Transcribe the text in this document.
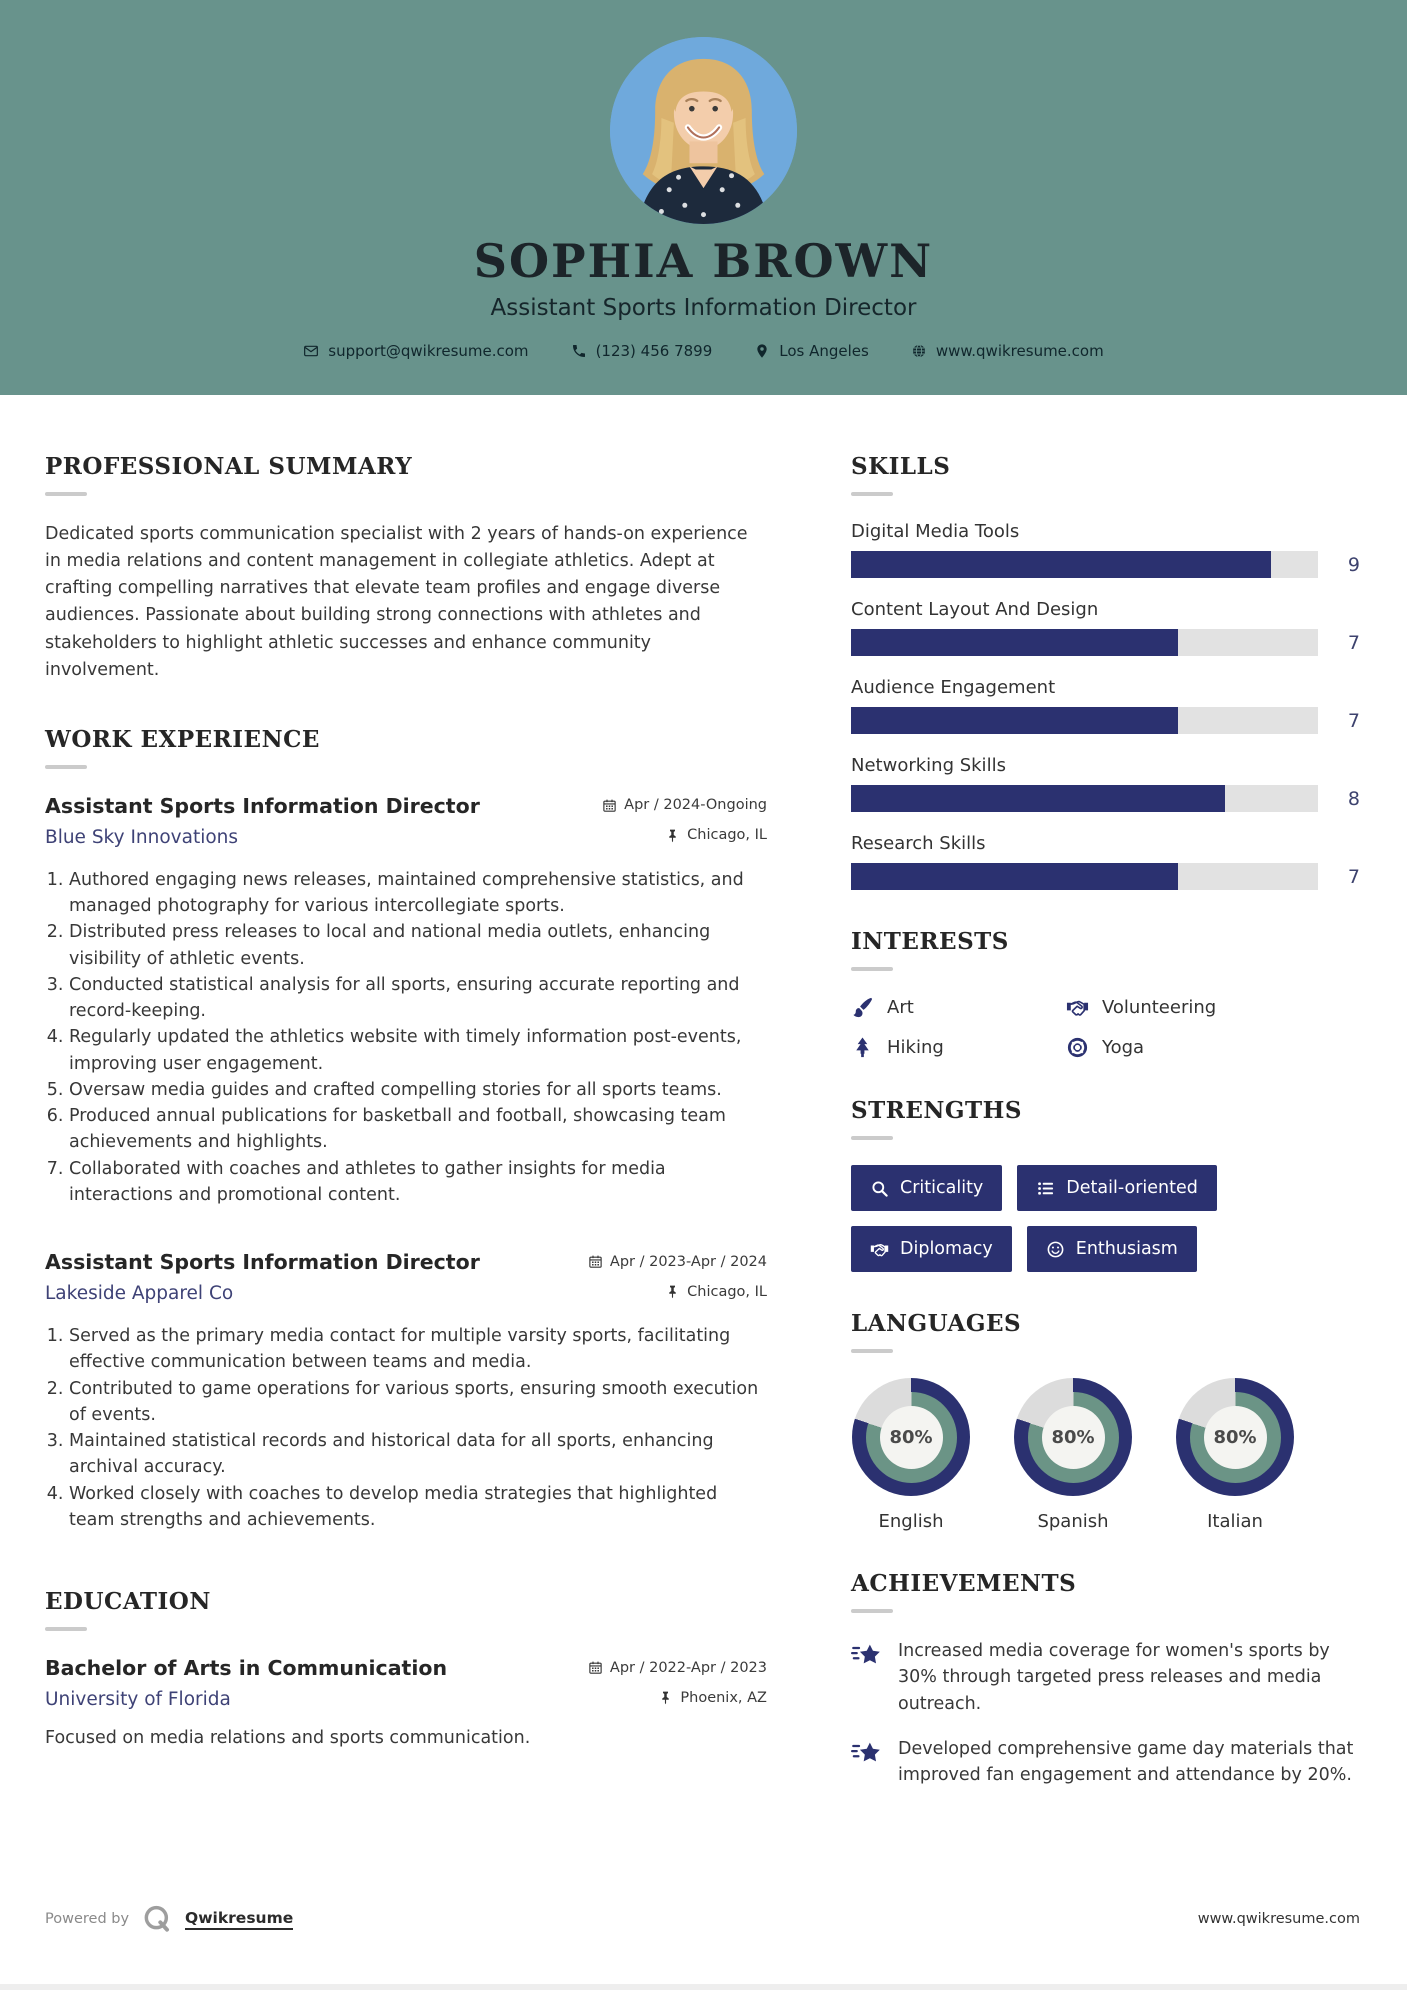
SOPHIA BROWN
Assistant Sports Information Director
support@qwikresume.com	(123) 456 7899	Los Angeles	www.qwikresume.com
PROFESSIONAL SUMMARY

Dedicated sports communication specialist with 2 years of hands-on experience in media relations and content management in collegiate athletics. Adept at crafting compelling narratives that elevate team profiles and engage diverse audiences. Passionate about building strong connections with athletes and stakeholders to highlight athletic successes and enhance community involvement.

WORK EXPERIENCE
Assistant Sports Information Director	Apr / 2024-Ongoing
Blue Sky Innovations	Chicago, IL
1. Authored engaging news releases, maintained comprehensive statistics, and managed photography for various intercollegiate sports.
2. Distributed press releases to local and national media outlets, enhancing visibility of athletic events.
3. Conducted statistical analysis for all sports, ensuring accurate reporting and record-keeping.
4. Regularly updated the athletics website with timely information post-events, improving user engagement.
5. Oversaw media guides and crafted compelling stories for all sports teams.
6. Produced annual publications for basketball and football, showcasing team achievements and highlights.
7. Collaborated with coaches and athletes to gather insights for media interactions and promotional content.
Assistant Sports Information Director	Apr / 2023-Apr / 2024
Lakeside Apparel Co	Chicago, IL
1. Served as the primary media contact for multiple varsity sports, facilitating effective communication between teams and media.
2. Contributed to game operations for various sports, ensuring smooth execution of events.
3. Maintained statistical records and historical data for all sports, enhancing archival accuracy.
4. Worked closely with coaches to develop media strategies that highlighted team strengths and achievements.
EDUCATION
Bachelor of Arts in Communication	Apr / 2022-Apr / 2023
University of Florida	Phoenix, AZ

Focused on media relations and sports communication.

SKILLS
Digital Media Tools
9
Content Layout And Design
7
Audience Engagement
7
Networking Skills
8
Research Skills
7
INTERESTS
Art	Volunteering
Hiking	Yoga
STRENGTHS
Criticality	Detail-oriented
Diplomacy	Enthusiasm
LANGUAGES
80%
English
80%
Spanish
80%
Italian
ACHIEVEMENTS

Increased media coverage for women's sports by 30% through targeted press releases and media outreach.

Developed comprehensive game day materials that improved fan engagement and attendance by 20%.

Powered by	Qwikresume	www.qwikresume.com
